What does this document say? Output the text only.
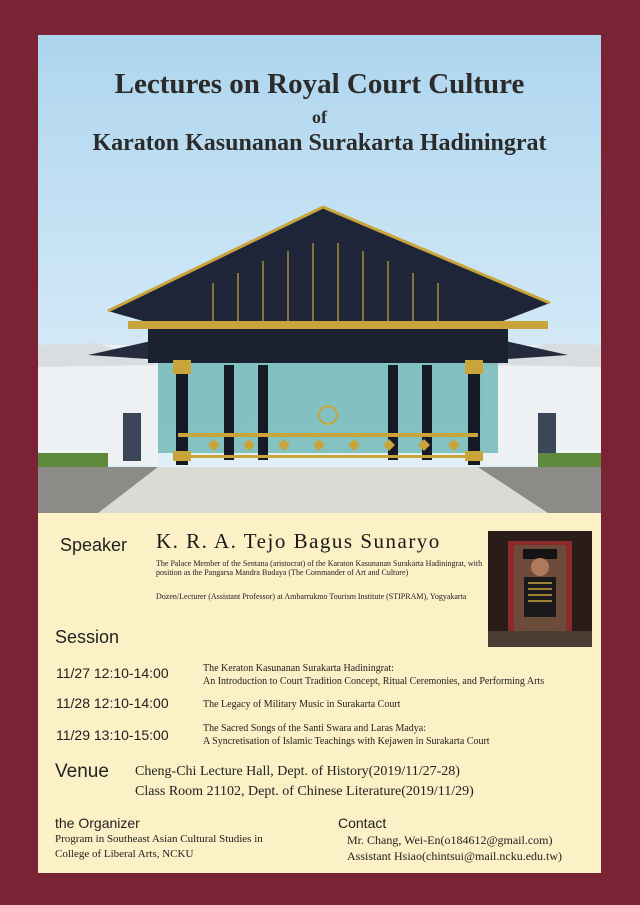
Lectures on Royal Court Culture
of
Karaton Kasunanan Surakarta Hadiningrat
Speaker K. R. A. Tejo Bagus Sunaryo
The Palace Member of the Sentana (aristocrat) of the Karaton Kasunanan Surakarta Hadiningrat, with position as the Pangarsa Mandra Budaya (The Commander of Art and Culture)
Dozen/Lecturer (Assistant Professor) at Ambarrukmo Tourism Institute (STIPRAM), Yogyakarta
Session
11/27 12:10-14:00	The Keraton Kasunanan Surakarta Hadiningrat:
An Introduction to Court Tradition Concept, Ritual Ceremonies, and Performing Arts
11/28 12:10-14:00	The Legacy of Military Music in Surakarta Court
11/29 13:10-15:00	The Sacred Songs of the Santi Swara and Laras Madya:
A Syncretisation of Islamic Teachings with Kejawen in Surakarta Court
Venue Cheng-Chi Lecture Hall, Dept. of History(2019/11/27-28)
Class Room 21102, Dept. of Chinese Literature(2019/11/29)
the Organizer
Program in Southeast Asian Cultural Studies in
College of Liberal Arts, NCKU
Contact
Mr. Chang, Wei-En(o184612@gmail.com)
Assistant Hsiao(chintsui@mail.ncku.edu.tw)
